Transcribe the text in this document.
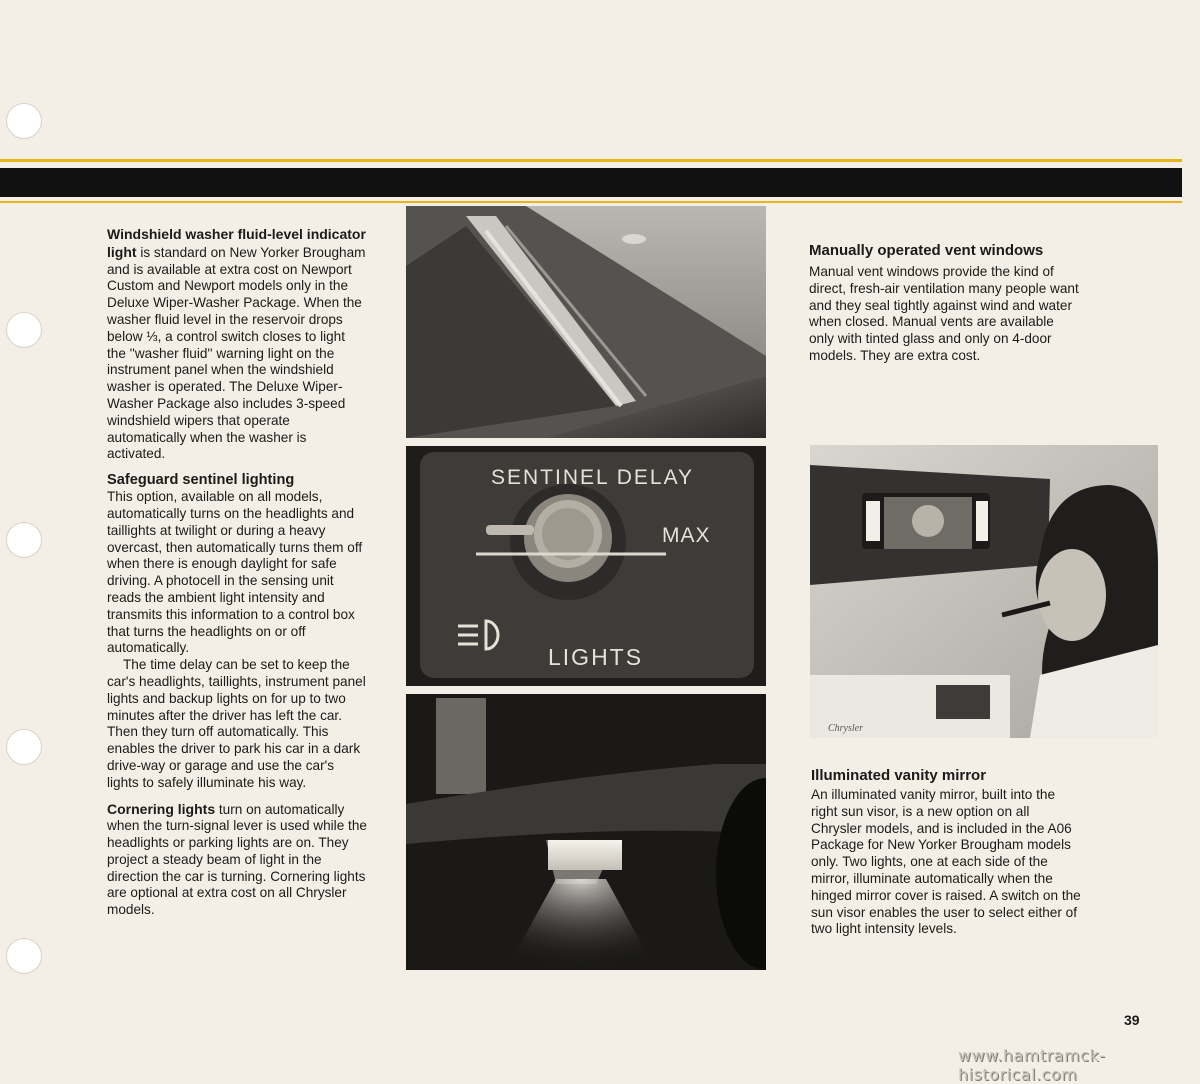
Windshield washer fluid-level indicator light is standard on New Yorker Brougham and is available at extra cost on Newport Custom and Newport models only in the Deluxe Wiper-Washer Package. When the washer fluid level in the reservoir drops below ⅓, a control switch closes to light the ''washer fluid'' warning light on the instrument panel when the windshield washer is operated. The Deluxe Wiper-Washer Package also includes 3-speed windshield wipers that operate automatically when the washer is activated.

Safeguard sentinel lighting

This option, available on all models, automatically turns on the headlights and taillights at twilight or during a heavy overcast, then automatically turns them off when there is enough daylight for safe driving. A photocell in the sensing unit reads the ambient light intensity and transmits this information to a control box that turns the headlights on or off automatically.

The time delay can be set to keep the car's headlights, taillights, instrument panel lights and backup lights on for up to two minutes after the driver has left the car. Then they turn off automatically. This enables the driver to park his car in a dark drive-way or garage and use the car's lights to safely illuminate his way.

Cornering lights turn on automatically when the turn-signal lever is used while the headlights or parking lights are on. They project a steady beam of light in the direction the car is turning. Cornering lights are optional at extra cost on all Chrysler models.

SENTINEL DELAY
MAX
LIGHTS
Manually operated vent windows

Manual vent windows provide the kind of direct, fresh-air ventilation many people want and they seal tightly against wind and water when closed. Manual vents are available only with tinted glass and only on 4-door models. They are extra cost.

Chrysler
Illuminated vanity mirror

An illuminated vanity mirror, built into the right sun visor, is a new option on all Chrysler models, and is included in the A06 Package for New Yorker Brougham models only. Two lights, one at each side of the mirror, illuminate automatically when the hinged mirror cover is raised. A switch on the sun visor enables the user to select either of two light intensity levels.

39
www.hamtramck-historical.com
